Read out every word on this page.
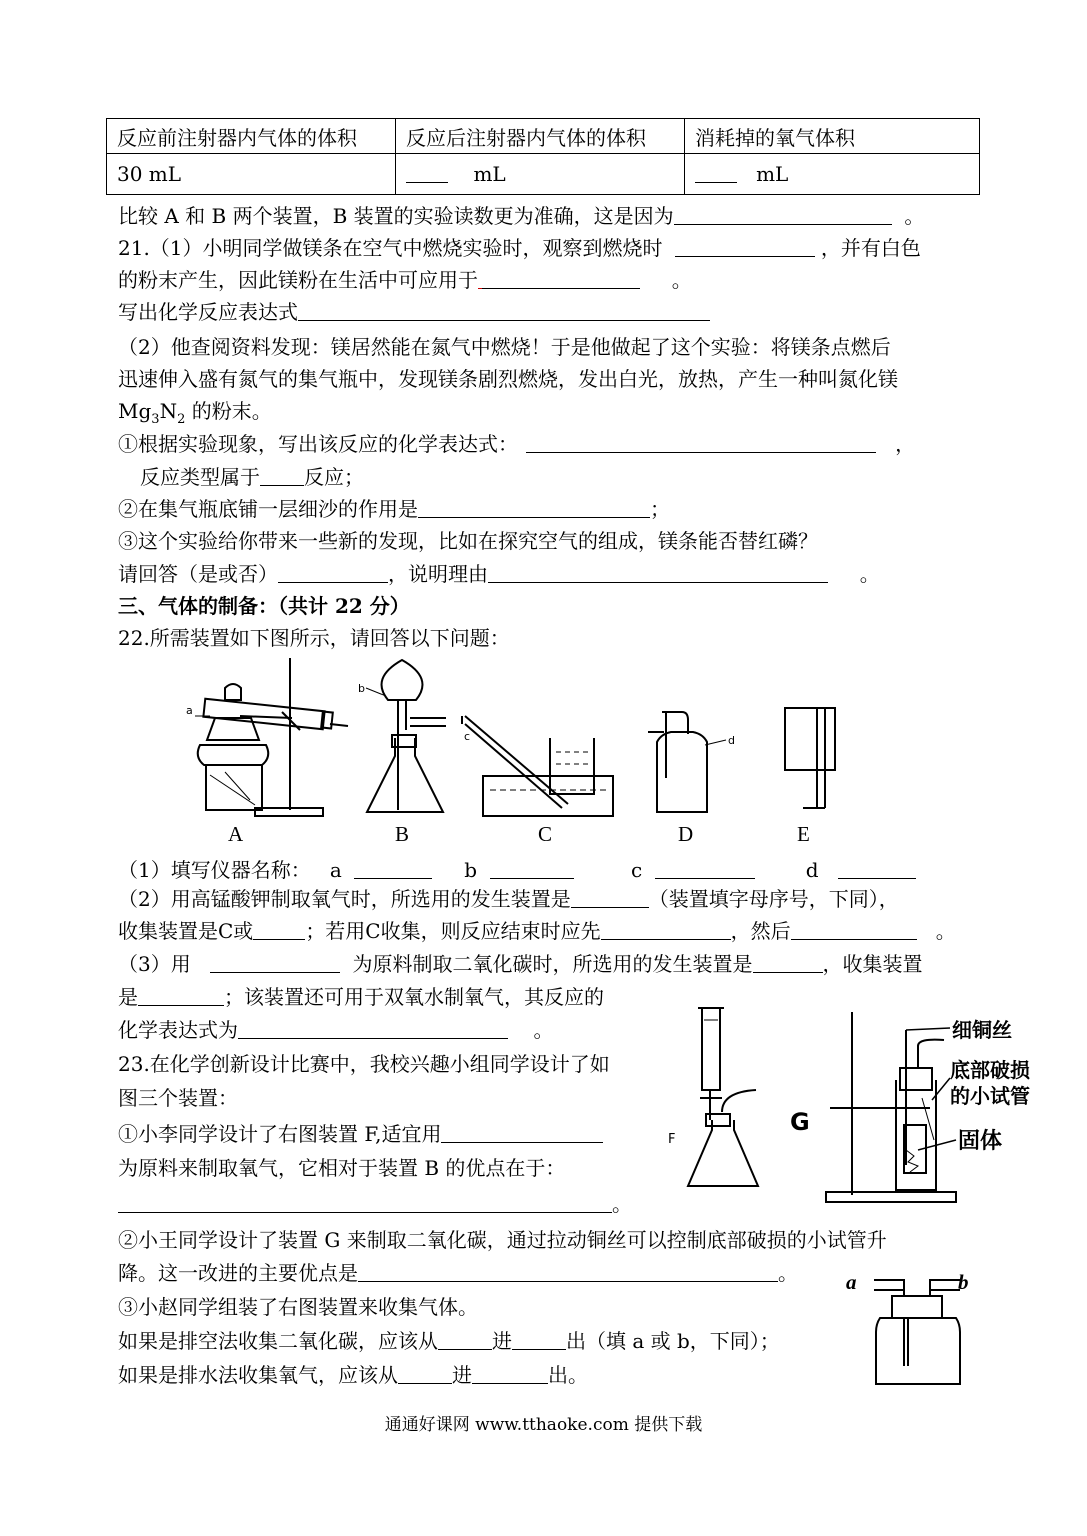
反应前注射器内气体的体积	反应后注射器内气体的体积	消耗掉的氧气体积
30 mL	mL	mL
比较 A 和 B 两个装置，B 装置的实验读数更为准确，这是因为	。
21.（1）小明同学做镁条在空气中燃烧实验时，观察到燃烧时	，并有白色
的粉末产生，因此镁粉在生活中可应用于	。
写出化学反应表达式
（2）他查阅资料发现：镁居然能在氮气中燃烧！于是他做起了这个实验：将镁条点燃后
迅速伸入盛有氮气的集气瓶中，发现镁条剧烈燃烧，发出白光，放热，产生一种叫氮化镁
$Mg_3N_2$ 的粉末。
①根据实验现象，写出该反应的化学表达式：	，
反应类型属于 反应；
②在集气瓶底铺一层细沙的作用是	；
③这个实验给你带来一些新的发现，比如在探究空气的组成，镁条能否替红磷？
请回答（是或否）	，说明理由	。
三、气体的制备：（共计 22 分）
22.所需装置如下图所示，请回答以下问题：
A	B	C	D	E
a
b
c	d
（1）填写仪器名称： a	b	c	d
（2）用高锰酸钾制取氧气时，所选用的发生装置是	（装置填字母序号，下同），
收集装置是C或	；若用C收集，则反应结束时应先	，然后	。
（3）用	为原料制取二氧化碳时，所选用的发生装置是	，收集装置
是	；该装置还可用于双氧水制氧气，其反应的
化学表达式为	。
23.在化学创新设计比赛中，我校兴趣小组同学设计了如
图三个装置：
①小李同学设计了右图装置 F,适宜用
为原料来制取氧气，它相对于装置 B 的优点在于：
。
F
G
细铜丝
底部破损
的小试管
固体
②小王同学设计了装置 G 来制取二氧化碳，通过拉动铜丝可以控制底部破损的小试管升
降。这一改进的主要优点是	。
③小赵同学组装了右图装置来收集气体。
如果是排空法收集二氧化碳，应该从	进	出（填 a 或 b，下同）；
如果是排水法收集氧气，应该从	进	出。
a	b
通通好课网 www.tthaoke.com 提供下载
